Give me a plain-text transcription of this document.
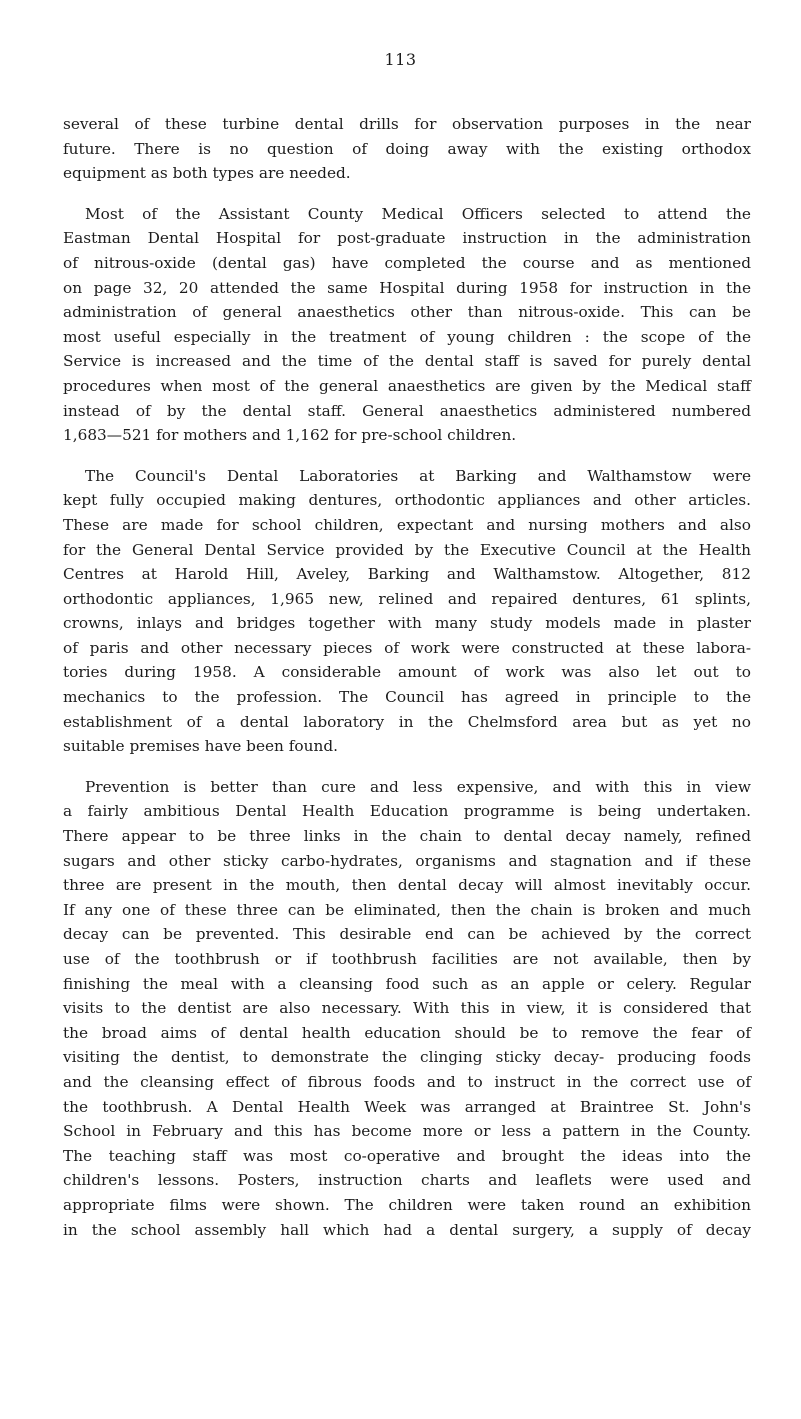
113

several of these turbine dental drills for observation purposes in the near
future. There is no question of doing away with the existing orthodox
equipment as both types are needed.

Most of the Assistant County Medical Officers selected to attend the
Eastman Dental Hospital for post-graduate instruction in the administration
of nitrous-oxide (dental gas) have completed the course and as mentioned
on page 32, 20 attended the same Hospital during 1958 for instruction in the
administration of general anaesthetics other than nitrous-oxide. This can be
most useful especially in the treatment of young children : the scope of the
Service is increased and the time of the dental staff is saved for purely dental
procedures when most of the general anaesthetics are given by the Medical staff
instead of by the dental staff. General anaesthetics administered numbered
1,683—521 for mothers and 1,162 for pre-school children.

The Council's Dental Laboratories at Barking and Walthamstow were
kept fully occupied making dentures, orthodontic appliances and other articles.
These are made for school children, expectant and nursing mothers and also
for the General Dental Service provided by the Executive Council at the Health
Centres at Harold Hill, Aveley, Barking and Walthamstow. Altogether, 812
orthodontic appliances, 1,965 new, relined and repaired dentures, 61 splints,
crowns, inlays and bridges together with many study models made in plaster
of paris and other necessary pieces of work were constructed at these labora-
tories during 1958. A considerable amount of work was also let out to
mechanics to the profession. The Council has agreed in principle to the
establishment of a dental laboratory in the Chelmsford area but as yet no
suitable premises have been found.

Prevention is better than cure and less expensive, and with this in view
a fairly ambitious Dental Health Education programme is being undertaken.
There appear to be three links in the chain to dental decay namely, refined
sugars and other sticky carbo-hydrates, organisms and stagnation and if these
three are present in the mouth, then dental decay will almost inevitably occur.
If any one of these three can be eliminated, then the chain is broken and much
decay can be prevented. This desirable end can be achieved by the correct
use of the toothbrush or if toothbrush facilities are not available, then by
finishing the meal with a cleansing food such as an apple or celery. Regular
visits to the dentist are also necessary. With this in view, it is considered that
the broad aims of dental health education should be to remove the fear of
visiting the dentist, to demonstrate the clinging sticky decay- producing foods
and the cleansing effect of fibrous foods and to instruct in the correct use of
the toothbrush. A Dental Health Week was arranged at Braintree St. John's
School in February and this has become more or less a pattern in the County.
The teaching staff was most co-operative and brought the ideas into the
children's lessons. Posters, instruction charts and leaflets were used and
appropriate films were shown. The children were taken round an exhibition
in the school assembly hall which had a dental surgery, a supply of decay
